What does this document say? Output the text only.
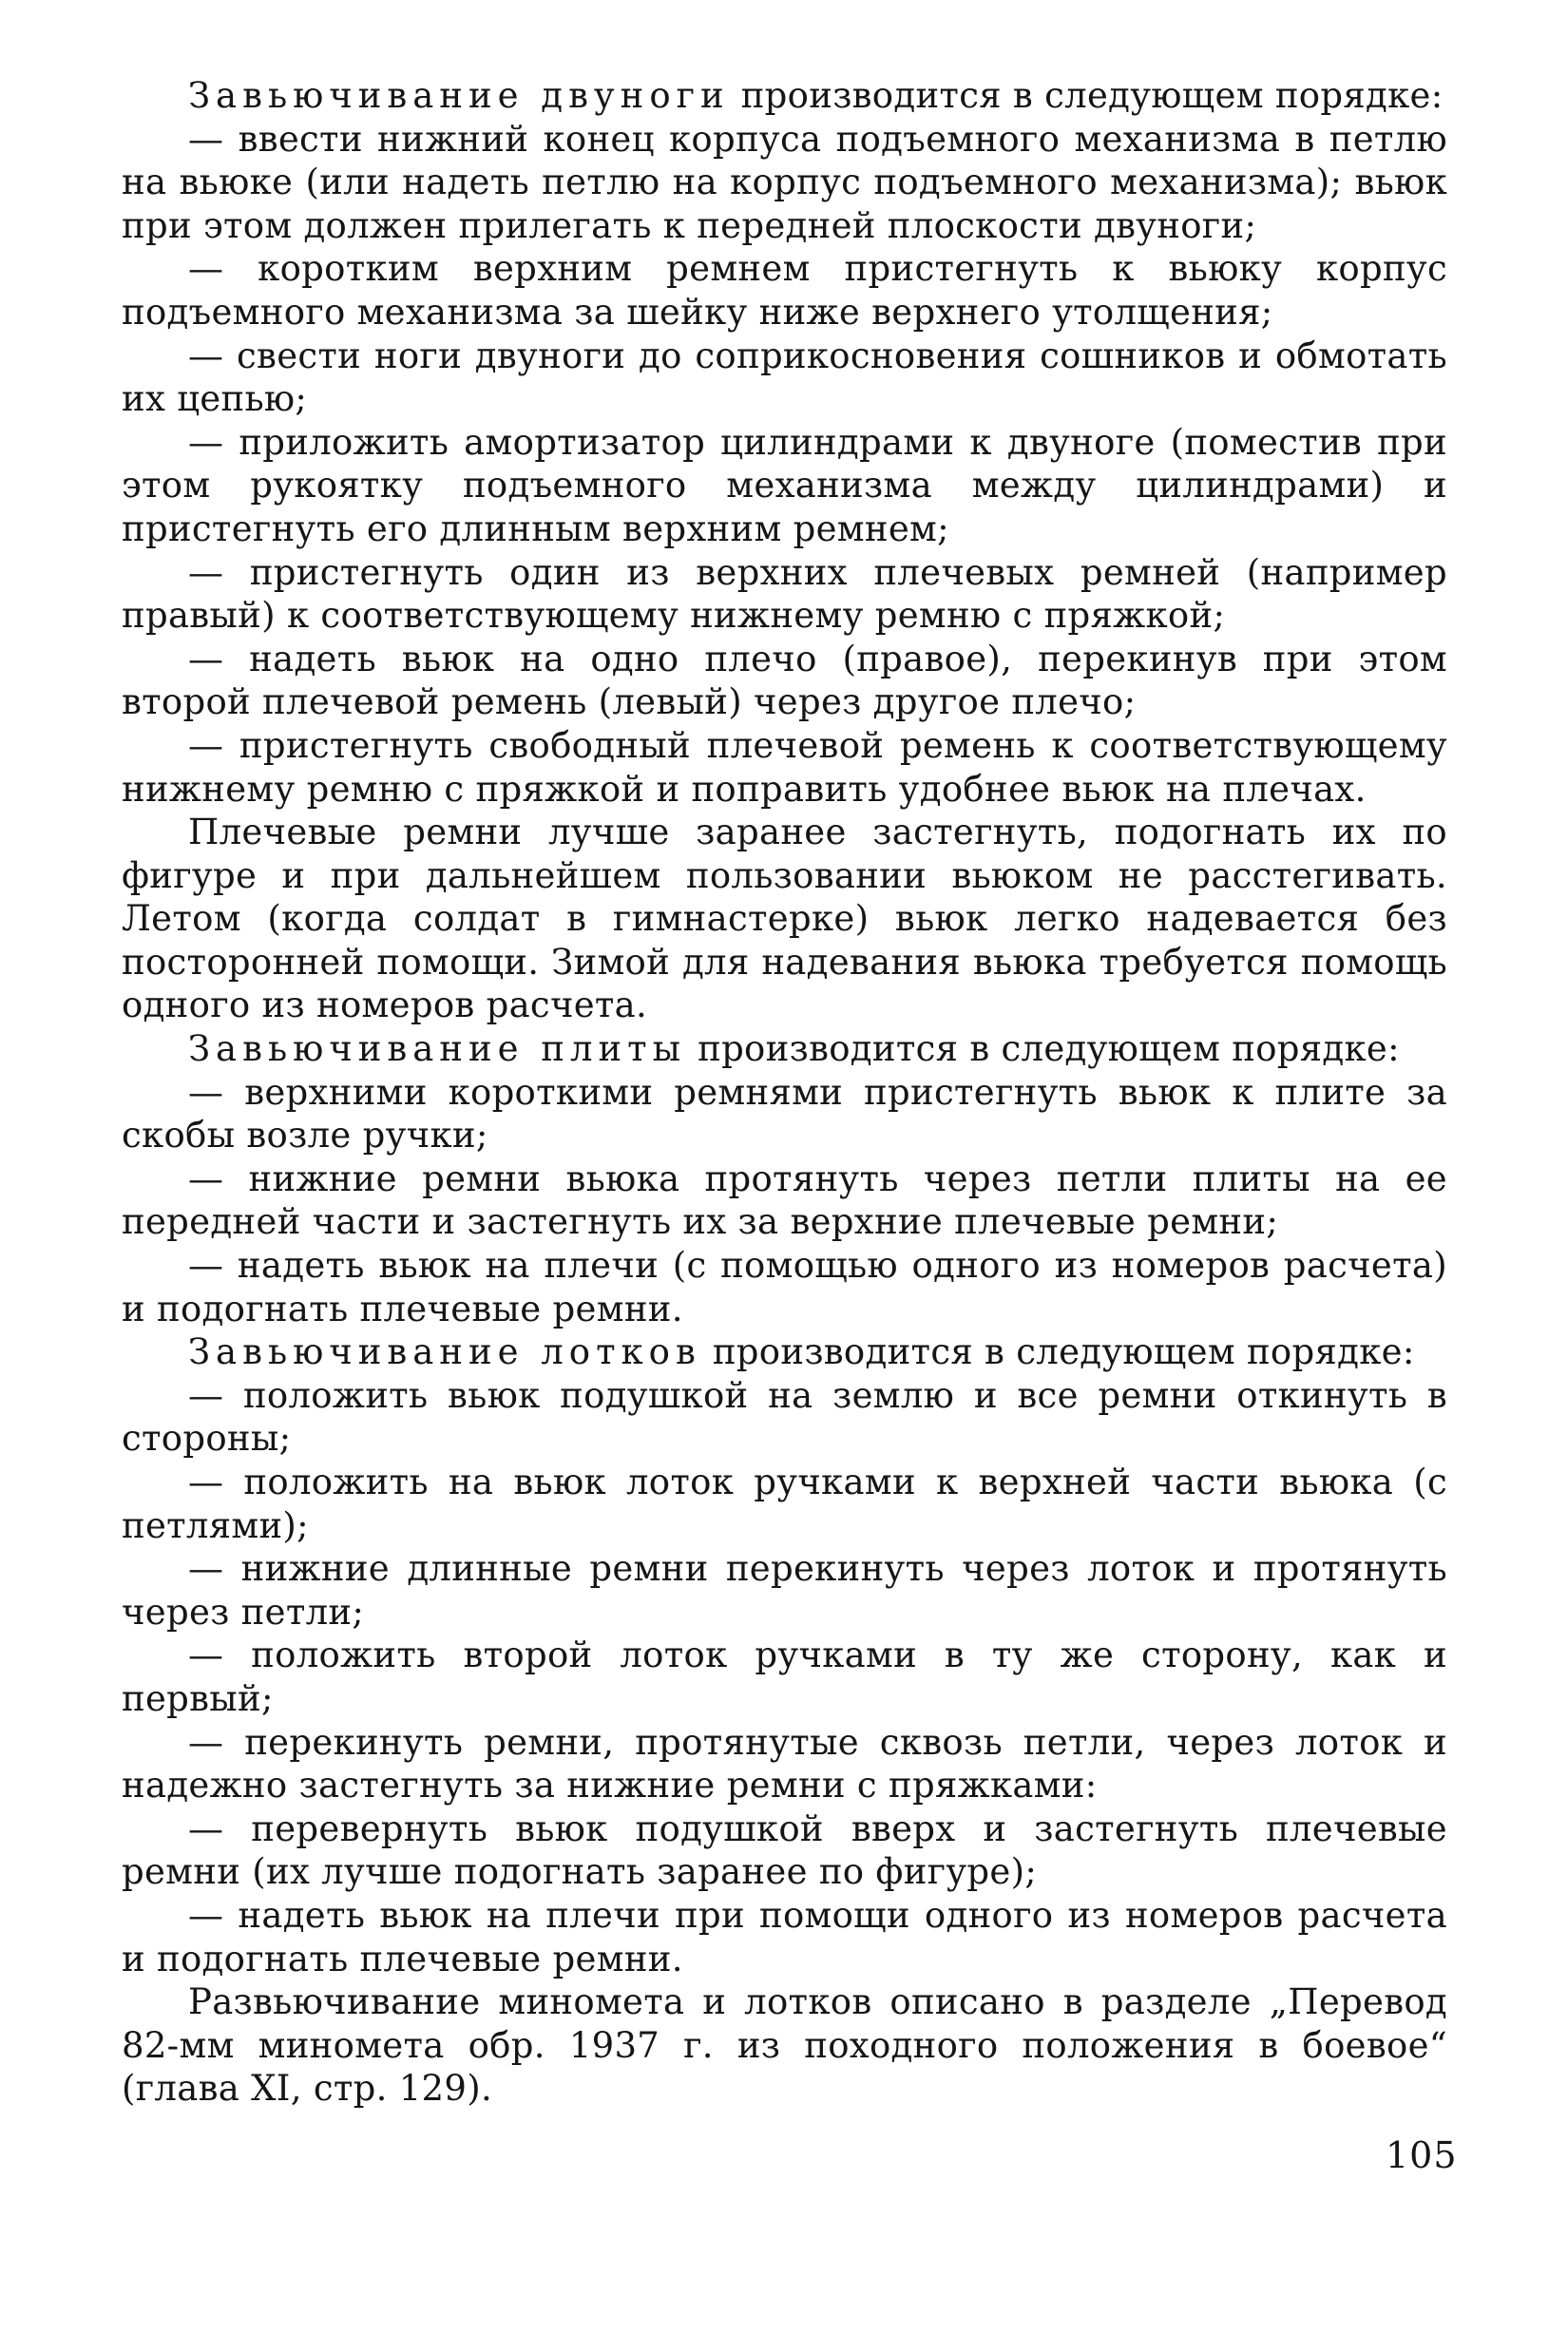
Завьючивание двуноги производится в следующем порядке:

— ввести нижний конец корпуса подъемного механизма в петлю на вьюке (или надеть петлю на корпус подъемного механизма); вьюк при этом должен прилегать к передней плоскости двуноги;

— коротким верхним ремнем пристегнуть к вьюку корпус подъемного механизма за шейку ниже верхнего утолщения;

— свести ноги двуноги до соприкосновения сошников и обмотать их цепью;

— приложить амортизатор цилиндрами к двуноге (поместив при этом рукоятку подъемного механизма между цилиндрами) и пристегнуть его длинным верхним ремнем;

— пристегнуть один из верхних плечевых ремней (например правый) к соответствующему нижнему ремню с пряжкой;

— надеть вьюк на одно плечо (правое), перекинув при этом второй плечевой ремень (левый) через другое плечо;

— пристегнуть свободный плечевой ремень к соответствующему нижнему ремню с пряжкой и поправить удобнее вьюк на плечах.

Плечевые ремни лучше заранее застегнуть, подогнать их по фигуре и при дальнейшем пользовании вьюком не расстегивать. Летом (когда солдат в гимнастерке) вьюк легко надевается без посторонней помощи. Зимой для надевания вьюка требуется помощь одного из номеров расчета.

Завьючивание плиты производится в следующем порядке:

— верхними короткими ремнями пристегнуть вьюк к плите за скобы возле ручки;

— нижние ремни вьюка протянуть через петли плиты на ее передней части и застегнуть их за верхние плечевые ремни;

— надеть вьюк на плечи (с помощью одного из номеров расчета) и подогнать плечевые ремни.

Завьючивание лотков производится в следующем порядке:

— положить вьюк подушкой на землю и все ремни откинуть в стороны;

— положить на вьюк лоток ручками к верхней части вьюка (с петлями);

— нижние длинные ремни перекинуть через лоток и протянуть через петли;

— положить второй лоток ручками в ту же сторону, как и первый;

— перекинуть ремни, протянутые сквозь петли, через лоток и надежно застегнуть за нижние ремни с пряжками:

— перевернуть вьюк подушкой вверх и застегнуть плечевые ремни (их лучше подогнать заранее по фигуре);

— надеть вьюк на плечи при помощи одного из номеров расчета и подогнать плечевые ремни.

Развьючивание миномета и лотков описано в разделе „Перевод 82-мм миномета обр. 1937 г. из походного положения в боевое“ (глава XI, стр. 129).

105
